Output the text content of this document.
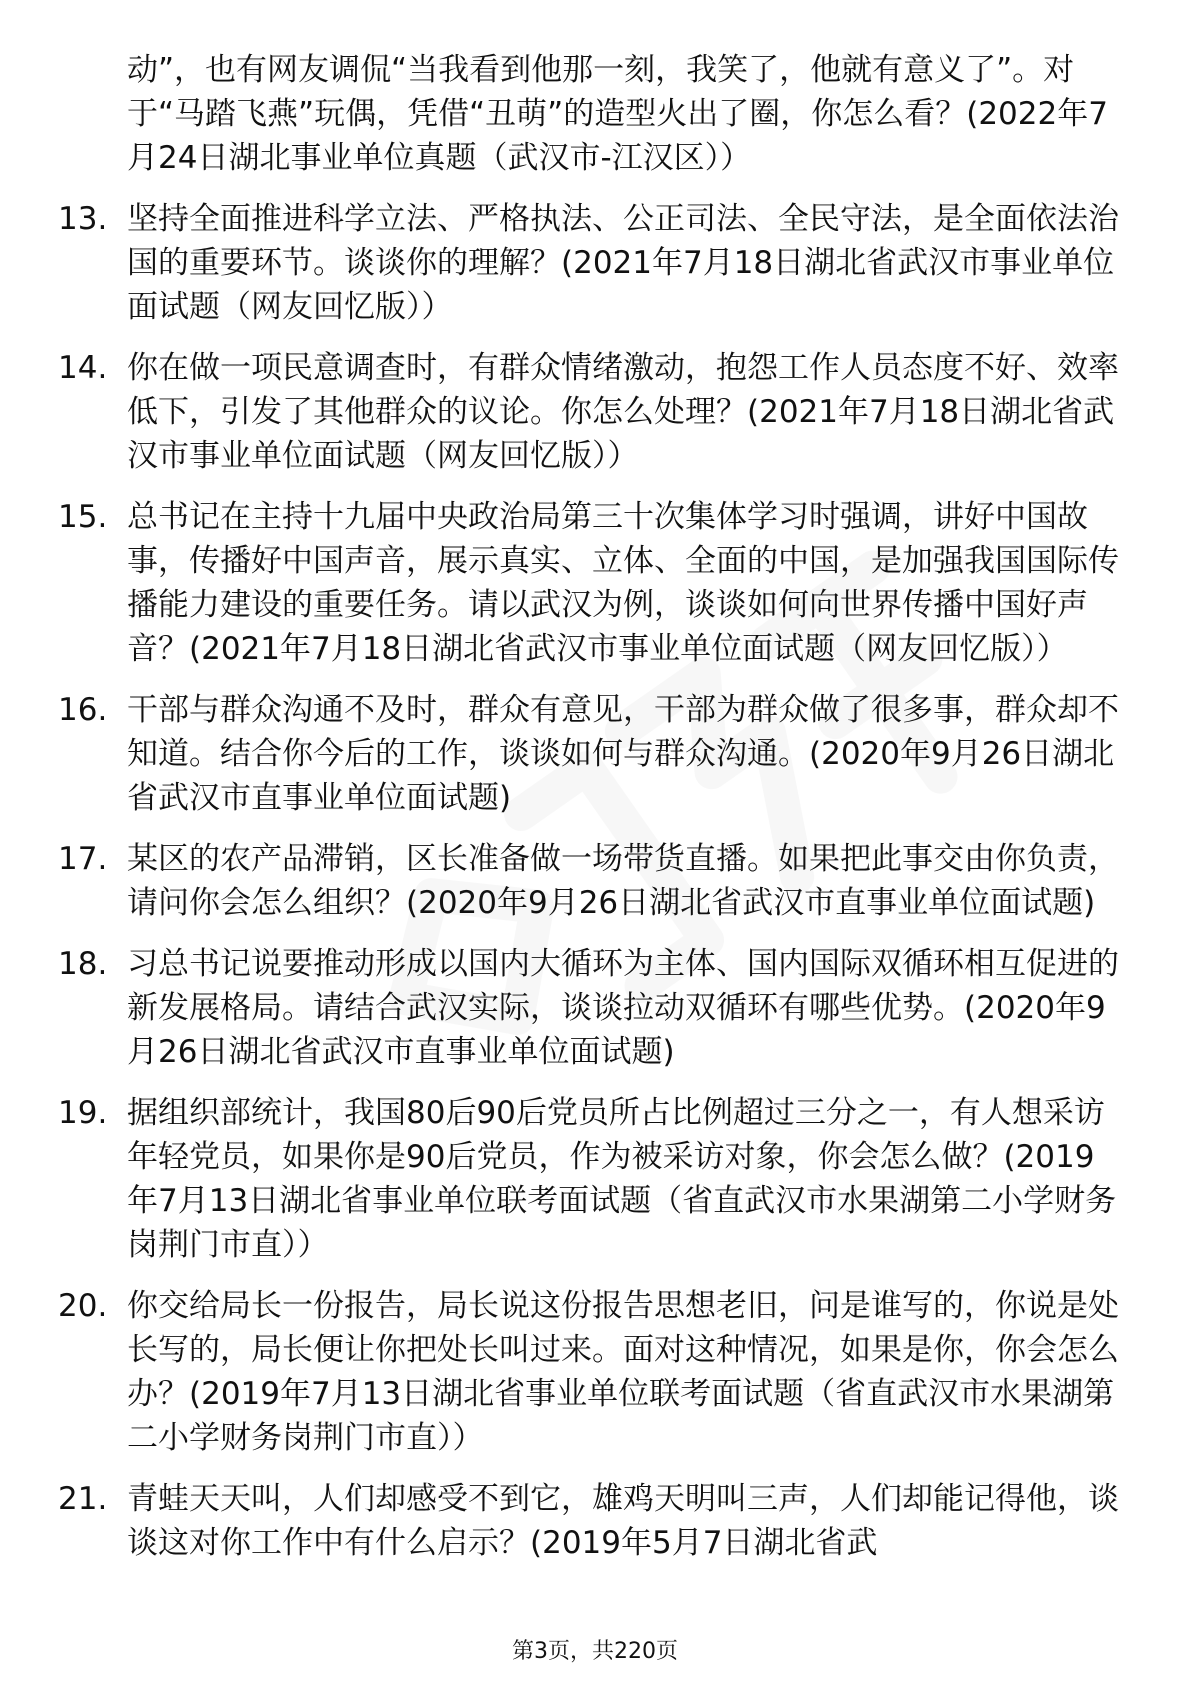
动”，也有网友调侃“当我看到他那一刻，我笑了，他就有意义了”。对于“马踏飞燕”玩偶，凭借“丑萌”的造型火出了圈，你怎么看？(2022年7月24日湖北事业单位真题（武汉市-江汉区））
13. 坚持全面推进科学立法、严格执法、公正司法、全民守法，是全面依法治国的重要环节。谈谈你的理解？(2021年7月18日湖北省武汉市事业单位面试题（网友回忆版））
14. 你在做一项民意调查时，有群众情绪激动，抱怨工作人员态度不好、效率低下，引发了其他群众的议论。你怎么处理？(2021年7月18日湖北省武汉市事业单位面试题（网友回忆版））
15. 总书记在主持十九届中央政治局第三十次集体学习时强调，讲好中国故事，传播好中国声音，展示真实、立体、全面的中国，是加强我国国际传播能力建设的重要任务。请以武汉为例，谈谈如何向世界传播中国好声音？(2021年7月18日湖北省武汉市事业单位面试题（网友回忆版））
16. 干部与群众沟通不及时，群众有意见，干部为群众做了很多事，群众却不知道。结合你今后的工作，谈谈如何与群众沟通。(2020年9月26日湖北省武汉市直事业单位面试题)
17. 某区的农产品滞销，区长准备做一场带货直播。如果把此事交由你负责，请问你会怎么组织？(2020年9月26日湖北省武汉市直事业单位面试题)
18. 习总书记说要推动形成以国内大循环为主体、国内国际双循环相互促进的新发展格局。请结合武汉实际，谈谈拉动双循环有哪些优势。(2020年9月26日湖北省武汉市直事业单位面试题)
19. 据组织部统计，我国80后90后党员所占比例超过三分之一，有人想采访年轻党员，如果你是90后党员，作为被采访对象，你会怎么做？(2019年7月13日湖北省事业单位联考面试题（省直武汉市水果湖第二小学财务岗荆门市直））
20. 你交给局长一份报告，局长说这份报告思想老旧，问是谁写的，你说是处长写的，局长便让你把处长叫过来。面对这种情况，如果是你，你会怎么办？(2019年7月13日湖北省事业单位联考面试题（省直武汉市水果湖第二小学财务岗荆门市直））
21. 青蛙天天叫，人们却感受不到它，雄鸡天明叫三声，人们却能记得他，谈谈这对你工作中有什么启示？(2019年5月7日湖北省武
第3页，共220页
